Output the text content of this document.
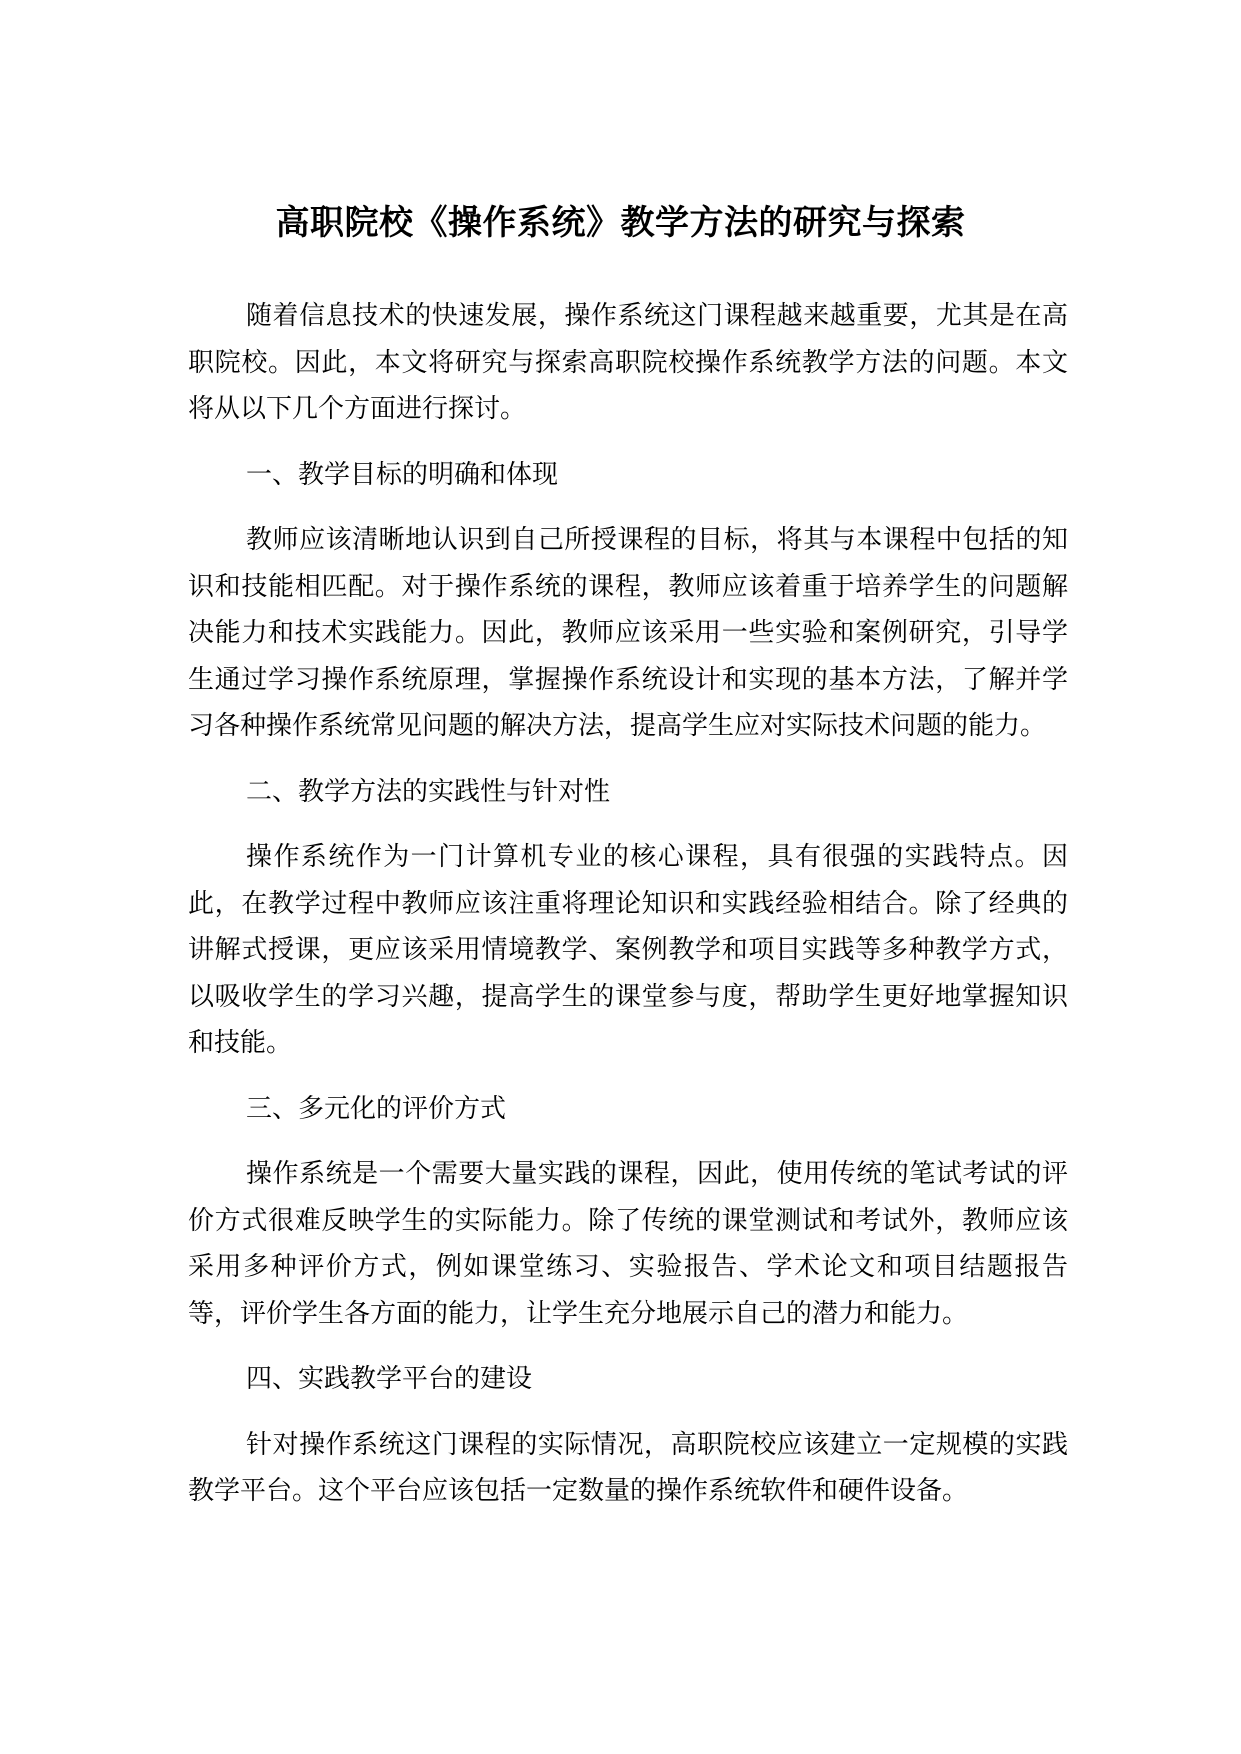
高职院校《操作系统》教学方法的研究与探索

随着信息技术的快速发展，操作系统这门课程越来越重要，尤其是在高职院校。因此，本文将研究与探索高职院校操作系统教学方法的问题。本文将从以下几个方面进行探讨。

一、教学目标的明确和体现

教师应该清晰地认识到自己所授课程的目标，将其与本课程中包括的知识和技能相匹配。对于操作系统的课程，教师应该着重于培养学生的问题解决能力和技术实践能力。因此，教师应该采用一些实验和案例研究，引导学生通过学习操作系统原理，掌握操作系统设计和实现的基本方法，了解并学习各种操作系统常见问题的解决方法，提高学生应对实际技术问题的能力。

二、教学方法的实践性与针对性

操作系统作为一门计算机专业的核心课程，具有很强的实践特点。因此，在教学过程中教师应该注重将理论知识和实践经验相结合。除了经典的讲解式授课，更应该采用情境教学、案例教学和项目实践等多种教学方式，以吸收学生的学习兴趣，提高学生的课堂参与度，帮助学生更好地掌握知识和技能。

三、多元化的评价方式

操作系统是一个需要大量实践的课程，因此，使用传统的笔试考试的评价方式很难反映学生的实际能力。除了传统的课堂测试和考试外，教师应该采用多种评价方式，例如课堂练习、实验报告、学术论文和项目结题报告等，评价学生各方面的能力，让学生充分地展示自己的潜力和能力。

四、实践教学平台的建设

针对操作系统这门课程的实际情况，高职院校应该建立一定规模的实践教学平台。这个平台应该包括一定数量的操作系统软件和硬件设备。
